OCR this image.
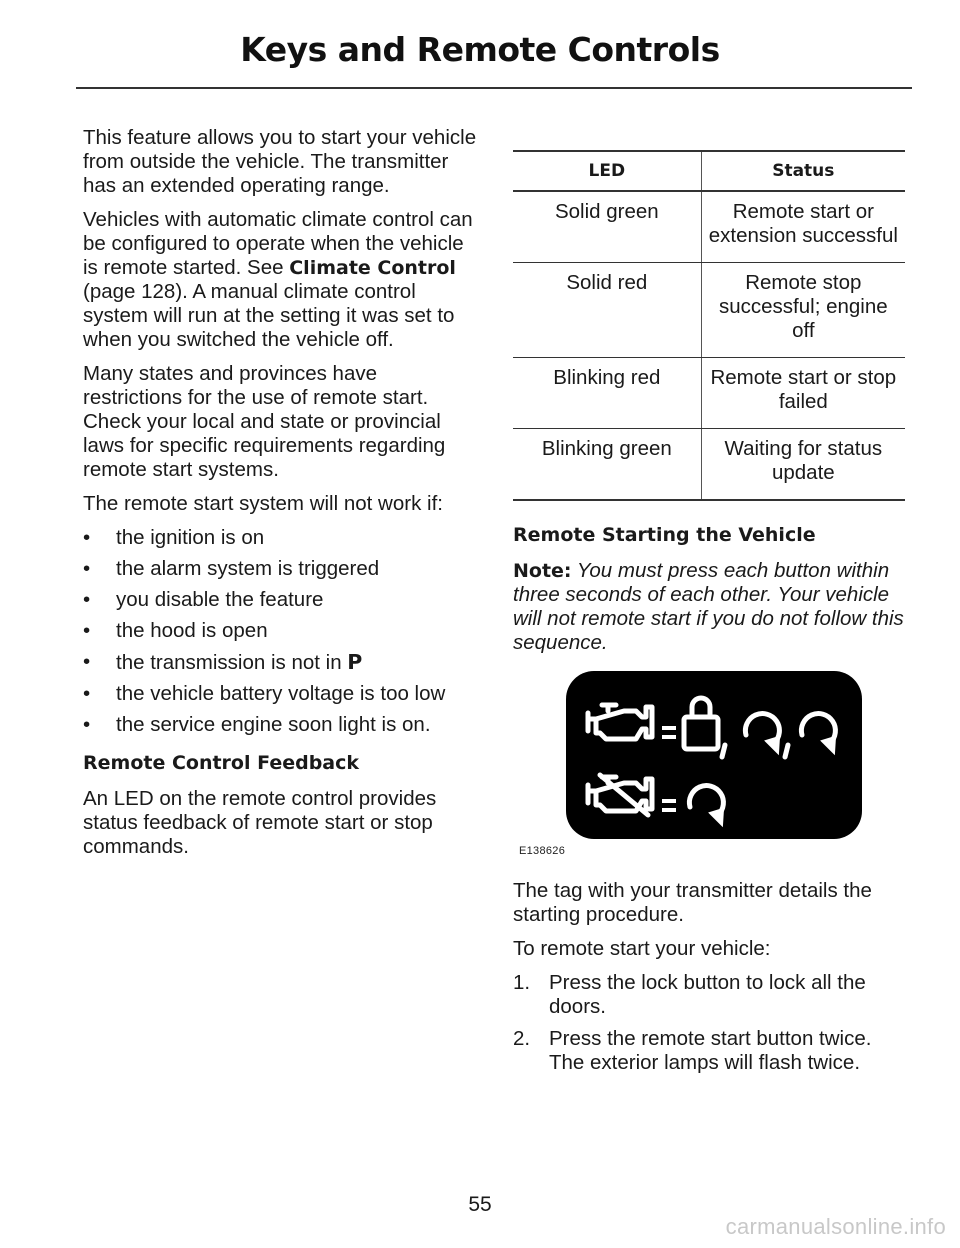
Keys and Remote Controls

This feature allows you to start your vehicle from outside the vehicle. The transmitter has an extended operating range.

Vehicles with automatic climate control can be configured to operate when the vehicle is remote started. See Climate Control (page 128). A manual climate control system will run at the setting it was set to when you switched the vehicle off.

Many states and provinces have restrictions for the use of remote start. Check your local and state or provincial laws for specific requirements regarding remote start systems.

The remote start system will not work if:

• the ignition is on
• the alarm system is triggered
• you disable the feature
• the hood is open
• the transmission is not in P
• the vehicle battery voltage is too low
• the service engine soon light is on.
Remote Control Feedback

An LED on the remote control provides status feedback of remote start or stop commands.

LED	Status
Solid green	Remote start or extension successful
Solid red	Remote stop successful; engine off
Blinking red	Remote start or stop failed
Blinking green	Waiting for status update
Remote Starting the Vehicle

Note: You must press each button within three seconds of each other. Your vehicle will not remote start if you do not follow this sequence.

E138626

The tag with your transmitter details the starting procedure.

To remote start your vehicle:

1. Press the lock button to lock all the doors.
2. Press the remote start button twice. The exterior lamps will flash twice.
55
carmanualsonline.info
